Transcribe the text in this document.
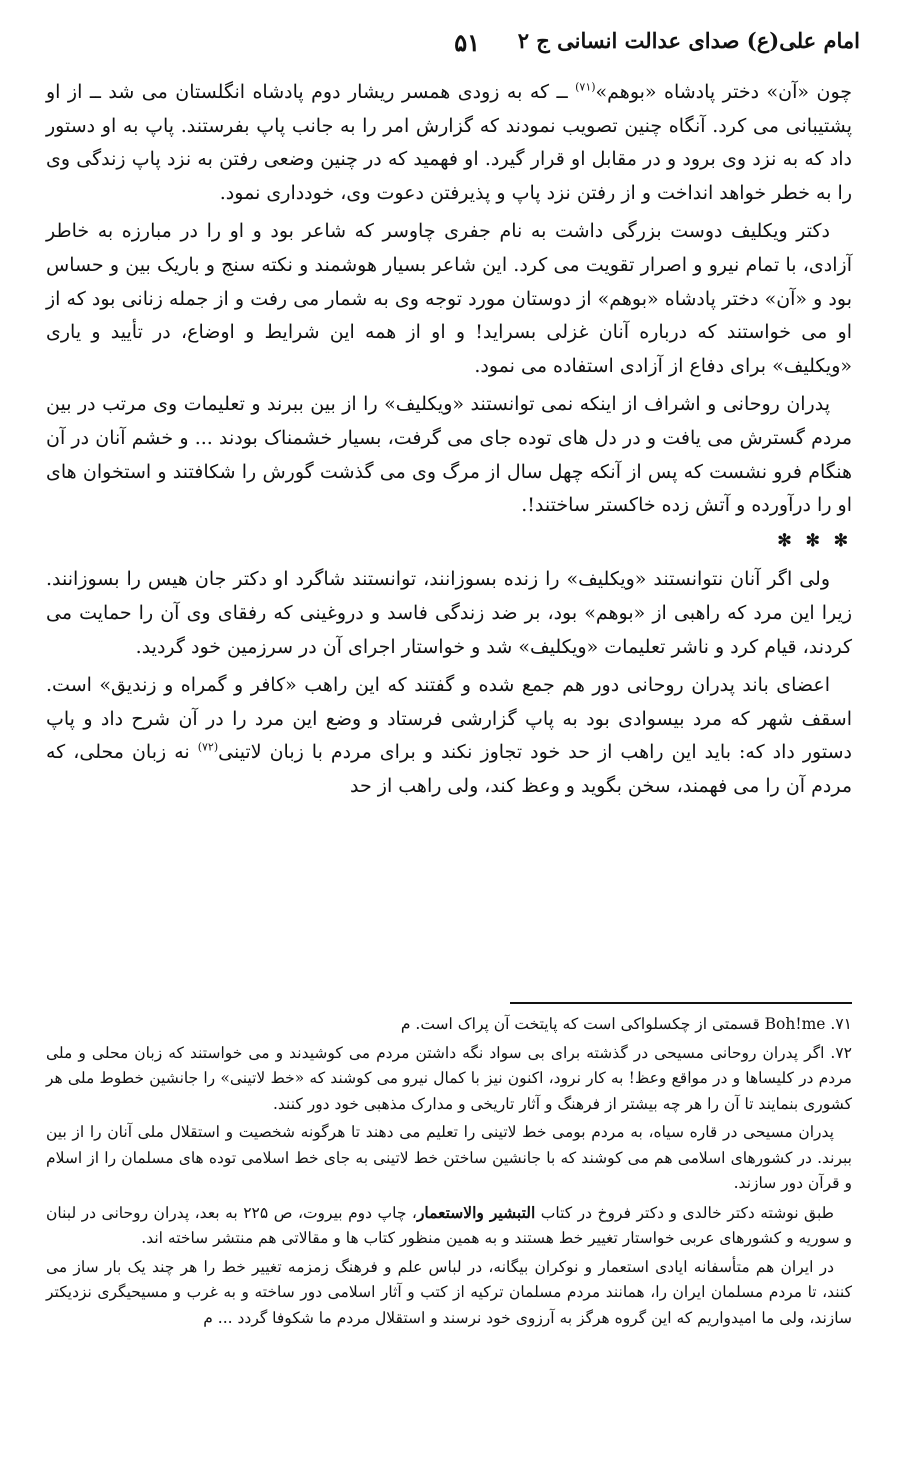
امام علی(ع) صدای عدالت انسانی ج ۲
۵۱

چون «آن» دختر پادشاه «بوهم»$^{(۷۱)}$ ــ که به زودی همسر ریشار دوم پادشاه انگلستان می شد ــ از او پشتیبانی می کرد. آنگاه چنین تصویب نمودند که گزارش امر را به جانب پاپ بفرستند. پاپ به او دستور داد که به نزد وی برود و در مقابل او قرار گیرد. او فهمید که در چنین وضعی رفتن به نزد پاپ زندگی وی را به خطر خواهد انداخت و از رفتن نزد پاپ و پذیرفتن دعوت وی، خودداری نمود.

دکتر ویکلیف دوست بزرگی داشت به نام جفری چاوسر که شاعر بود و او را در مبارزه به خاطر آزادی، با تمام نیرو و اصرار تقویت می کرد. این شاعر بسیار هوشمند و نکته سنج و باریک بین و حساس بود و «آن» دختر پادشاه «بوهم» از دوستان مورد توجه وی به شمار می رفت و از جمله زنانی بود که از او می خواستند که درباره آنان غزلی بسراید! و او از همه این شرایط و اوضاع، در تأیید و یاری «ویکلیف» برای دفاع از آزادی استفاده می نمود.

پدران روحانی و اشراف از اینکه نمی توانستند «ویکلیف» را از بین ببرند و تعلیمات وی مرتب در بین مردم گسترش می یافت و در دل های توده جای می گرفت، بسیار خشمناک بودند ... و خشم آنان در آن هنگام فرو نشست که پس از آنکه چهل سال از مرگ وی می گذشت گورش را شکافتند و استخوان های او را درآورده و آتش زده خاکستر ساختند!.

✻ ✻ ✻

ولی اگر آنان نتوانستند «ویکلیف» را زنده بسوزانند، توانستند شاگرد او دکتر جان هیس را بسوزانند. زیرا این مرد که راهبی از «بوهم» بود، بر ضد زندگی فاسد و دروغینی که رفقای وی آن را حمایت می کردند، قیام کرد و ناشر تعلیمات «ویکلیف» شد و خواستار اجرای آن در سرزمین خود گردید.

اعضای باند پدران روحانی دور هم جمع شده و گفتند که این راهب «کافر و گمراه و زندیق» است. اسقف شهر که مرد بیسوادی بود به پاپ گزارشی فرستاد و وضع این مرد را در آن شرح داد و پاپ دستور داد که: باید این راهب از حد خود تجاوز نکند و برای مردم با زبان لاتینی$^{(۷۲)}$ نه زبان محلی، که مردم آن را می فهمند، سخن بگوید و وعظ کند، ولی راهب از حد

۷۱. Boh!me قسمتی از چکسلواکی است که پایتخت آن پراک است. م

۷۲. اگر پدران روحانی مسیحی در گذشته برای بی سواد نگه داشتن مردم می کوشیدند و می خواستند که زبان محلی و ملی مردم در کلیساها و در مواقع وعظ! به کار نرود، اکنون نیز با کمال نیرو می کوشند که «خط لاتینی» را جانشین خطوط ملی هر کشوری بنمایند تا آن را هر چه بیشتر از فرهنگ و آثار تاریخی و مدارک مذهبی خود دور کنند.

پدران مسیحی در قاره سیاه، به مردم بومی خط لاتینی را تعلیم می دهند تا هرگونه شخصیت و استقلال ملی آنان را از بین ببرند. در کشورهای اسلامی هم می کوشند که با جانشین ساختن خط لاتینی به جای خط اسلامی توده های مسلمان را از اسلام و قرآن دور سازند.

طبق نوشته دکتر خالدی و دکتر فروخ در کتاب التبشیر والاستعمار، چاپ دوم بیروت، ص ۲۲۵ به بعد، پدران روحانی در لبنان و سوریه و کشورهای عربی خواستار تغییر خط هستند و به همین منظور کتاب ها و مقالاتی هم منتشر ساخته اند.

در ایران هم متأسفانه ایادی استعمار و نوکران بیگانه، در لباس علم و فرهنگ زمزمه تغییر خط را هر چند یک بار ساز می کنند، تا مردم مسلمان ایران را، همانند مردم مسلمان ترکیه از کتب و آثار اسلامی دور ساخته و به غرب و مسیحیگری نزدیکتر سازند، ولی ما امیدواریم که این گروه هرگز به آرزوی خود نرسند و استقلال مردم ما شکوفا گردد ... م
